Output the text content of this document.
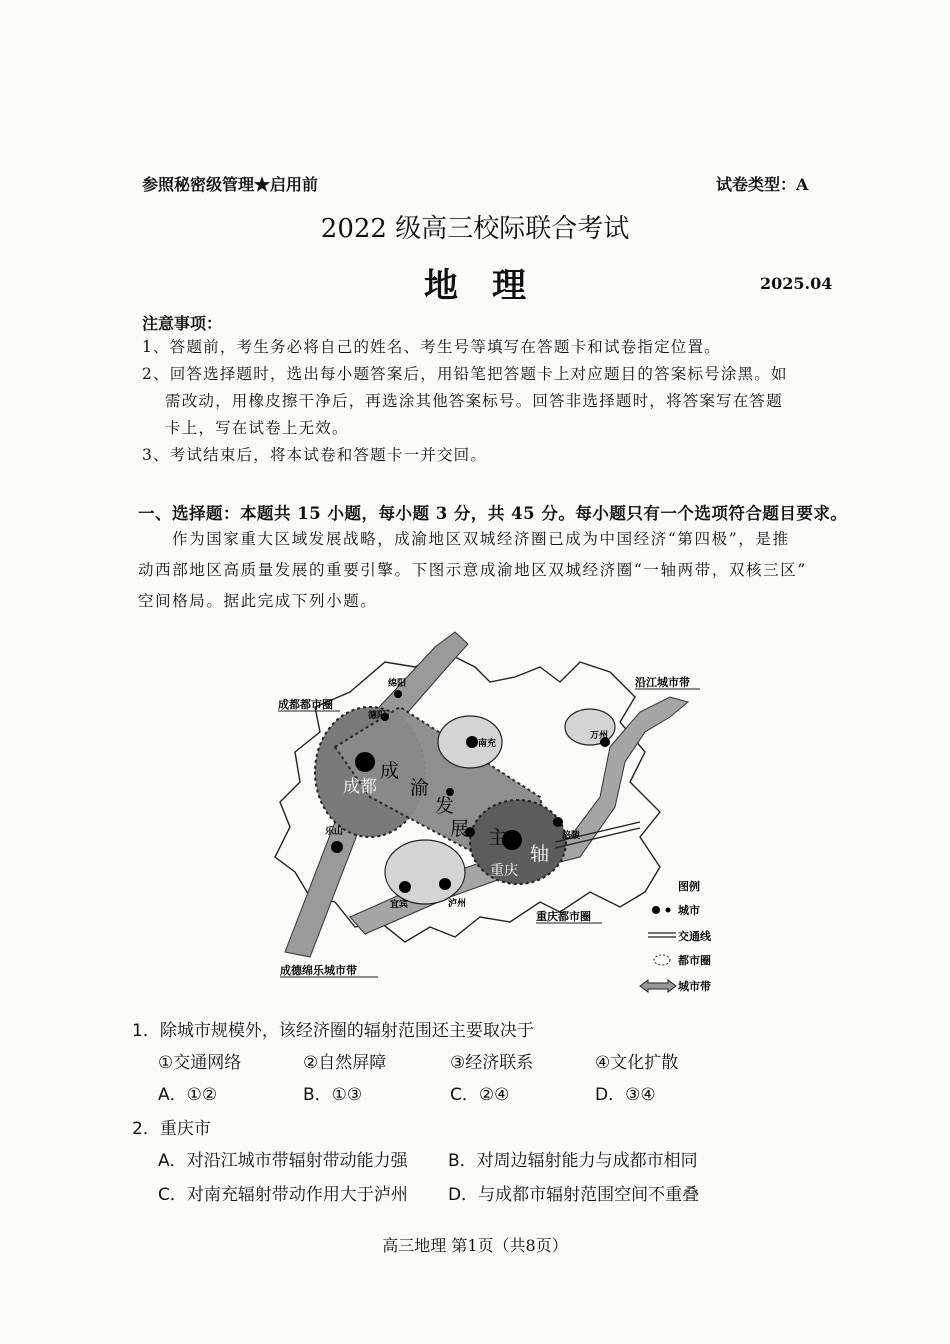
参照秘密级管理★启用前	试卷类型：A
2022 级高三校际联合考试
地理	2025.04
注意事项：
1、答题前，考生务必将自己的姓名、考生号等填写在答题卡和试卷指定位置。
2、回答选择题时，选出每小题答案后，用铅笔把答题卡上对应题目的答案标号涂黑。如
需改动，用橡皮擦干净后，再选涂其他答案标号。回答非选择题时，将答案写在答题
卡上，写在试卷上无效。
3、考试结束后，将本试卷和答题卡一并交回。
一、选择题：本题共 15 小题，每小题 3 分，共 45 分。每小题只有一个选项符合题目要求。
作为国家重大区域发展战略，成渝地区双城经济圈已成为中国经济“第四极”，是推
动西部地区高质量发展的重要引擎。下图示意成渝地区双城经济圈“一轴两带，双核三区”
空间格局。据此完成下列小题。
成都都市圈
沿江城市带
重庆都市圈
成德绵乐城市带
绵阳
德阳
成都
南充
万州
乐山
宜宾	泸州
重庆
涪陵
成
渝
发
展 主
轴
图例
城市
交通线
都市圈
城市带
1．除城市规模外，该经济圈的辐射范围还主要取决于
①交通网络	②自然屏障	③经济联系	④文化扩散
A．①②	B．①③	C．②④	D．③④
2．重庆市
A．对沿江城市带辐射带动能力强 B．对周边辐射能力与成都市相同
C．对南充辐射带动作用大于泸州 D．与成都市辐射范围空间不重叠
高三地理 第1页（共8页）
